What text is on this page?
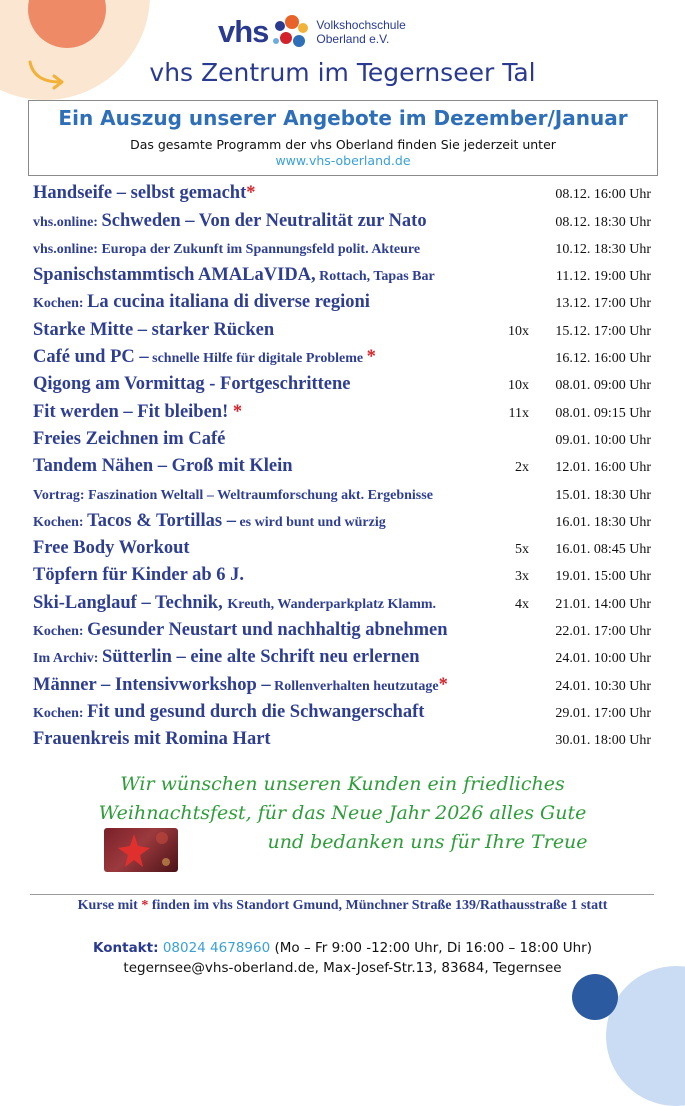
vhs	Volkshochschule
Oberland e.V.
vhs Zentrum im Tegernseer Tal
Ein Auszug unserer Angebote im Dezember/Januar
Das gesamte Programm der vhs Oberland finden Sie jederzeit unter
www.vhs-oberland.de
Handseife – selbst gemacht*	08.12. 16:00 Uhr
vhs.online: Schweden – Von der Neutralität zur Nato	08.12. 18:30 Uhr
vhs.online: Europa der Zukunft im Spannungsfeld polit. Akteure	10.12. 18:30 Uhr
Spanischstammtisch AMALaVIDA, Rottach, Tapas Bar	11.12. 19:00 Uhr
Kochen: La cucina italiana di diverse regioni	13.12. 17:00 Uhr
Starke Mitte – starker Rücken	10x 15.12. 17:00 Uhr
Café und PC – schnelle Hilfe für digitale Probleme *	16.12. 16:00 Uhr
Qigong am Vormittag - Fortgeschrittene	10x 08.01. 09:00 Uhr
Fit werden – Fit bleiben! *	11x 08.01. 09:15 Uhr
Freies Zeichnen im Café	09.01. 10:00 Uhr
Tandem Nähen – Groß mit Klein	2x 12.01. 16:00 Uhr
Vortrag: Faszination Weltall – Weltraumforschung akt. Ergebnisse	15.01. 18:30 Uhr
Kochen: Tacos & Tortillas – es wird bunt und würzig	16.01. 18:30 Uhr
Free Body Workout	5x 16.01. 08:45 Uhr
Töpfern für Kinder ab 6 J.	3x 19.01. 15:00 Uhr
Ski-Langlauf – Technik, Kreuth, Wanderparkplatz Klamm.	4x 21.01. 14:00 Uhr
Kochen: Gesunder Neustart und nachhaltig abnehmen	22.01. 17:00 Uhr
Im Archiv: Sütterlin – eine alte Schrift neu erlernen	24.01. 10:00 Uhr
Männer – Intensivworkshop – Rollenverhalten heutzutage*	24.01. 10:30 Uhr
Kochen: Fit und gesund durch die Schwangerschaft	29.01. 17:00 Uhr
Frauenkreis mit Romina Hart	30.01. 18:00 Uhr
Wir wünschen unseren Kunden ein friedliches
Weihnachtsfest, für das Neue Jahr 2026 alles Gute
und bedanken uns für Ihre Treue
Kurse mit * finden im vhs Standort Gmund, Münchner Straße 139/Rathausstraße 1 statt
Kontakt: 08024 4678960 (Mo – Fr 9:00 -12:00 Uhr, Di 16:00 – 18:00 Uhr)
tegernsee@vhs-oberland.de, Max-Josef-Str.13, 83684, Tegernsee
